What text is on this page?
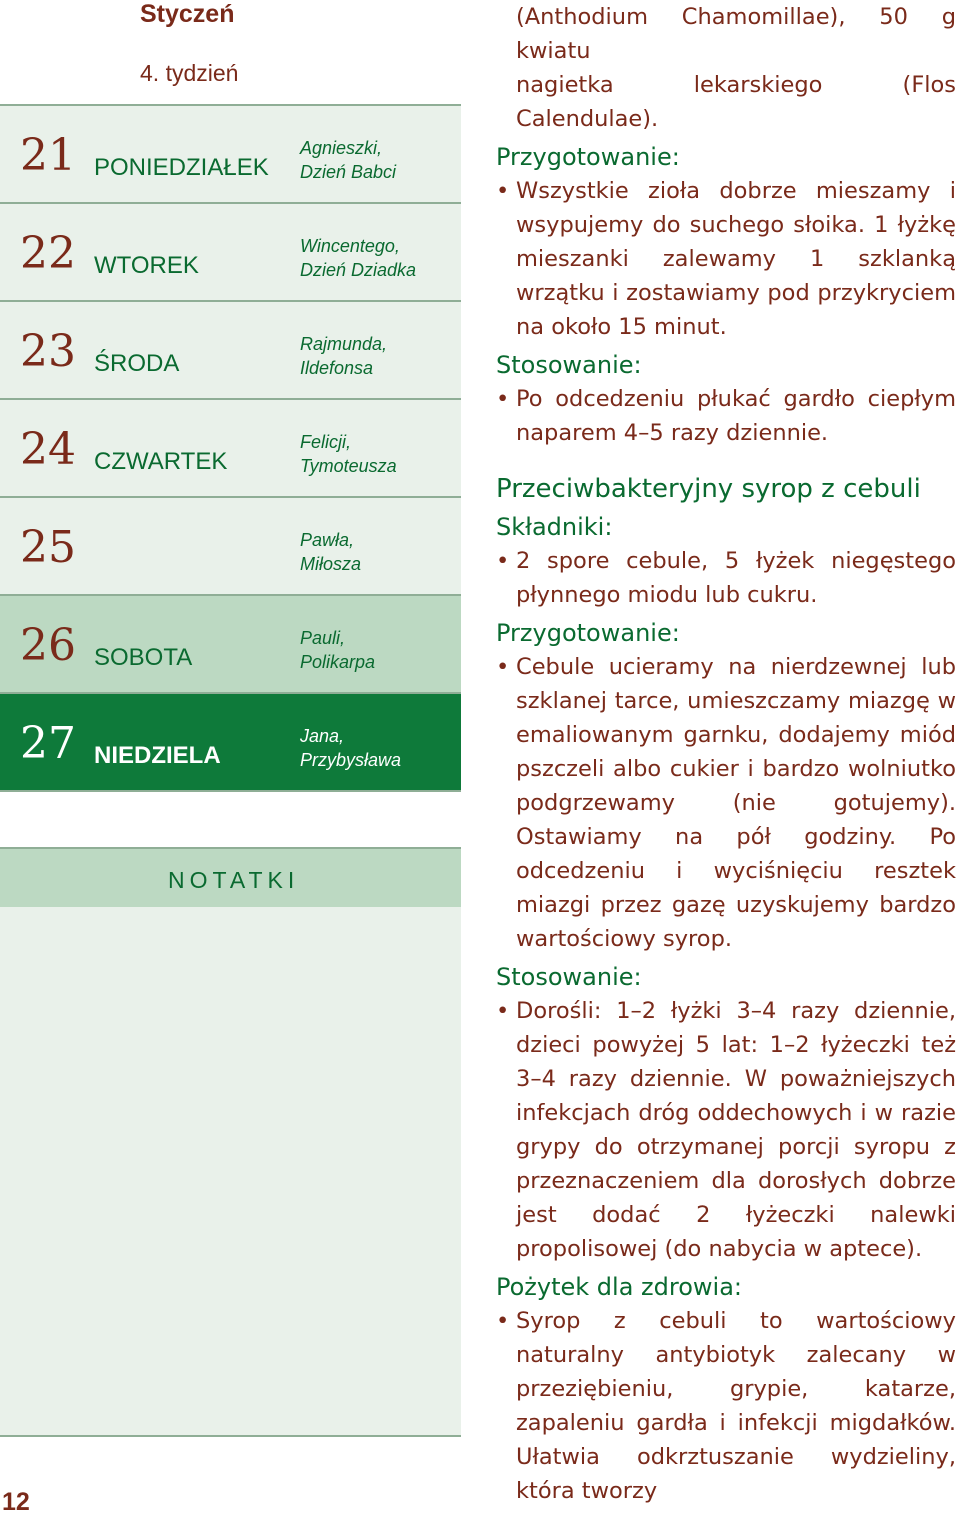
Styczeń
4. tydzień
21 PONIEDZIAŁEK
Agnieszki,
Dzień Babci
22 WTOREK
Wincentego,
Dzień Dziadka
23 ŚRODA
Rajmunda,
Ildefonsa
24 CZWARTEK
Felicji,
Tymoteusza
25	Pawła,
Miłosza
26 SOBOTA
Pauli,
Polikarpa
27 NIEDZIELA
Jana,
Przybysława
NOTATKI
12

(Anthodium Chamomillae), 50 g kwiatu

nagietka lekarskiego (Flos Calendulae).

Przygotowanie:

• Wszystkie zioła dobrze mieszamy i wsypujemy do suchego słoika. 1 łyżkę mieszanki zalewamy 1 szklanką wrzątku i zostawiamy pod przykryciem na około 15 minut.

Stosowanie:

• Po odcedzeniu płukać gardło ciepłym naparem 4–5 razy dziennie.

Przeciwbakteryjny syrop z cebuli

Składniki:

• 2 spore cebule, 5 łyżek niegęstego płynnego miodu lub cukru.

Przygotowanie:

• Cebule ucieramy na nierdzewnej lub szklanej tarce, umieszczamy miazgę w emaliowanym garnku, dodajemy miód pszczeli albo cukier i bardzo wolniutko podgrzewamy (nie gotujemy). Ostawiamy na pół godziny. Po odcedzeniu i wyciśnięciu resztek miazgi przez gazę uzyskujemy bardzo wartościowy syrop.

Stosowanie:

• Dorośli: 1–2 łyżki 3–4 razy dziennie, dzieci powyżej 5 lat: 1–2 łyżeczki też 3–4 razy dziennie. W poważniejszych infekcjach dróg oddechowych i w razie grypy do otrzymanej porcji syropu z przeznaczeniem dla dorosłych dobrze jest dodać 2 łyżeczki nalewki propolisowej (do nabycia w aptece).

Pożytek dla zdrowia:

• Syrop z cebuli to wartościowy naturalny antybiotyk zalecany w przeziębieniu, grypie, katarze, zapaleniu gardła i infekcji migdałków. Ułatwia odkrztuszanie wydzieliny, która tworzy
